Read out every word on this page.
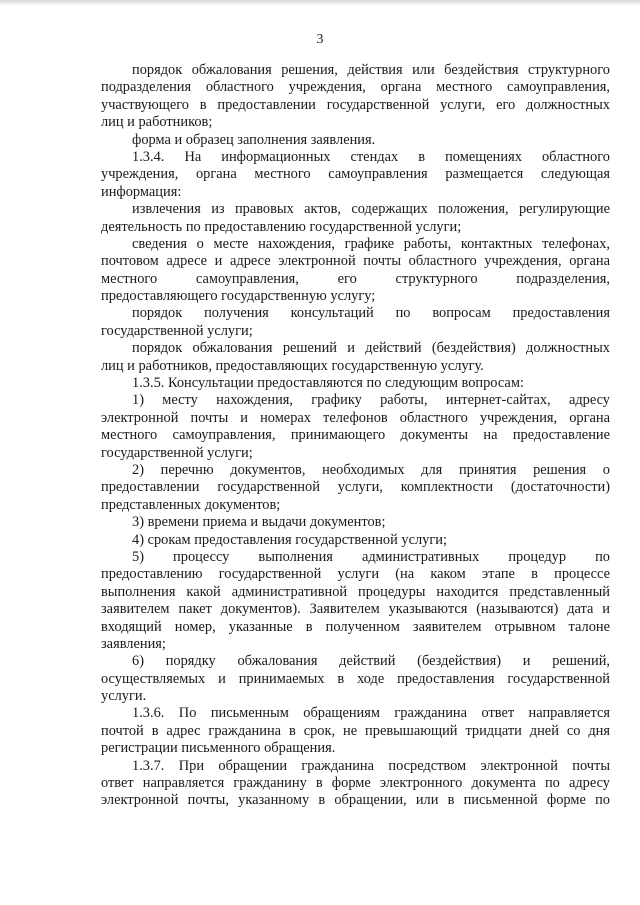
3
порядок обжалования решения, действия или бездействия структурного
подразделения областного учреждения, органа местного самоуправления,
участвующего в предоставлении государственной услуги, его должностных
лиц и работников;
форма и образец заполнения заявления.
1.3.4. На информационных стендах в помещениях областного
учреждения, органа местного самоуправления размещается следующая
информация:
извлечения из правовых актов, содержащих положения, регулирующие
деятельность по предоставлению государственной услуги;
сведения о месте нахождения, графике работы, контактных телефонах,
почтовом адресе и адресе электронной почты областного учреждения, органа
местного самоуправления, его структурного подразделения,
предоставляющего государственную услугу;
порядок получения консультаций по вопросам предоставления
государственной услуги;
порядок обжалования решений и действий (бездействия) должностных
лиц и работников, предоставляющих государственную услугу.
1.3.5. Консультации предоставляются по следующим вопросам:
1) месту нахождения, графику работы, интернет-сайтах, адресу
электронной почты и номерах телефонов областного учреждения, органа
местного самоуправления, принимающего документы на предоставление
государственной услуги;
2) перечню документов, необходимых для принятия решения о
предоставлении государственной услуги, комплектности (достаточности)
представленных документов;
3) времени приема и выдачи документов;
4) срокам предоставления государственной услуги;
5) процессу выполнения административных процедур по
предоставлению государственной услуги (на каком этапе в процессе
выполнения какой административной процедуры находится представленный
заявителем пакет документов). Заявителем указываются (называются) дата и
входящий номер, указанные в полученном заявителем отрывном талоне
заявления;
6) порядку обжалования действий (бездействия) и решений,
осуществляемых и принимаемых в ходе предоставления государственной
услуги.
1.3.6. По письменным обращениям гражданина ответ направляется
почтой в адрес гражданина в срок, не превышающий тридцати дней со дня
регистрации письменного обращения.
1.3.7. При обращении гражданина посредством электронной почты
ответ направляется гражданину в форме электронного документа по адресу
электронной почты, указанному в обращении, или в письменной форме по
